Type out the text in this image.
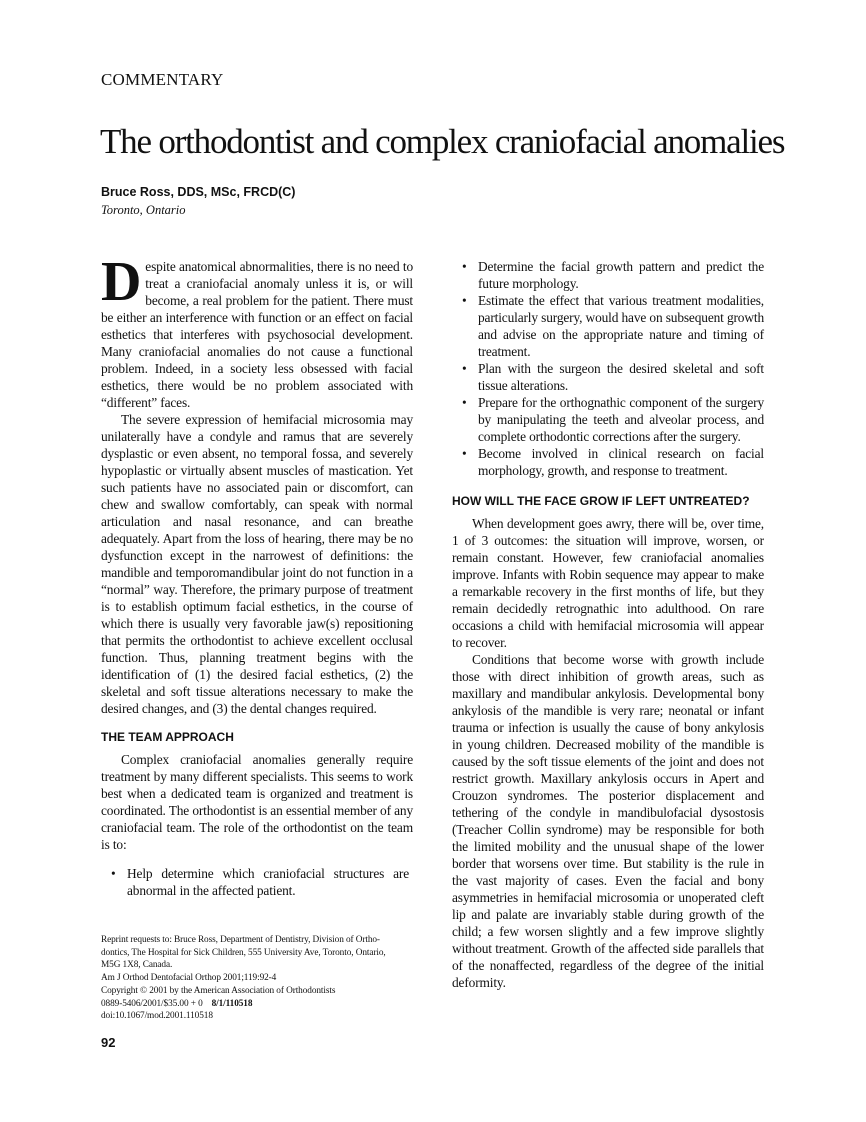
COMMENTARY
The orthodontist and complex craniofacial anomalies
Bruce Ross, DDS, MSc, FRCD(C)
Toronto, Ontario

Despite anatomical abnormalities, there is no need to treat a craniofacial anomaly unless it is, or will become, a real problem for the patient. There must be either an interference with function or an effect on facial esthetics that interferes with psychosocial development. Many craniofacial anomalies do not cause a functional problem. Indeed, in a society less obsessed with facial esthetics, there would be no problem associated with “different” faces.

The severe expression of hemifacial microsomia may unilaterally have a condyle and ramus that are severely dysplastic or even absent, no temporal fossa, and severely hypoplastic or virtually absent muscles of mastication. Yet such patients have no associated pain or discomfort, can chew and swallow comfortably, can speak with normal articulation and nasal resonance, and can breathe adequately. Apart from the loss of hearing, there may be no dysfunction except in the narrowest of definitions: the mandible and temporomandibular joint do not function in a “normal” way. Therefore, the primary purpose of treatment is to establish optimum facial esthetics, in the course of which there is usually very favorable jaw(s) repositioning that permits the orthodontist to achieve excellent occlusal function. Thus, planning treatment begins with the identification of (1) the desired facial esthetics, (2) the skeletal and soft tissue alterations necessary to make the desired changes, and (3) the dental changes required.

THE TEAM APPROACH

Complex craniofacial anomalies generally require treatment by many different specialists. This seems to work best when a dedicated team is organized and treatment is coordinated. The orthodontist is an essential member of any craniofacial team. The role of the orthodontist on the team is to:

• Help determine which craniofacial structures are abnormal in the affected patient.
• Determine the facial growth pattern and predict the future morphology.
• Estimate the effect that various treatment modalities, particularly surgery, would have on subsequent growth and advise on the appropriate nature and timing of treatment.
• Plan with the surgeon the desired skeletal and soft tissue alterations.
• Prepare for the orthognathic component of the surgery by manipulating the teeth and alveolar process, and complete orthodontic corrections after the surgery.
• Become involved in clinical research on facial morphology, growth, and response to treatment.
HOW WILL THE FACE GROW IF LEFT UNTREATED?

When development goes awry, there will be, over time, 1 of 3 outcomes: the situation will improve, worsen, or remain constant. However, few craniofacial anomalies improve. Infants with Robin sequence may appear to make a remarkable recovery in the first months of life, but they remain decidedly retrognathic into adulthood. On rare occasions a child with hemifacial microsomia will appear to recover.

Conditions that become worse with growth include those with direct inhibition of growth areas, such as maxillary and mandibular ankylosis. Developmental bony ankylosis of the mandible is very rare; neonatal or infant trauma or infection is usually the cause of bony ankylosis in young children. Decreased mobility of the mandible is caused by the soft tissue elements of the joint and does not restrict growth. Maxillary ankylosis occurs in Apert and Crouzon syndromes. The posterior displacement and tethering of the condyle in mandibulofacial dysostosis (Treacher Collin syndrome) may be responsible for both the limited mobility and the unusual shape of the lower border that worsens over time. But stability is the rule in the vast majority of cases. Even the facial and bony asymmetries in hemifacial microsomia or unoperated cleft lip and palate are invariably stable during growth of the child; a few worsen slightly and a few improve slightly without treatment. Growth of the affected side parallels that of the nonaffected, regardless of the degree of the initial deformity.

Reprint requests to: Bruce Ross, Department of Dentistry, Division of Ortho-
dontics, The Hospital for Sick Children, 555 University Ave, Toronto, Ontario,
M5G 1X8, Canada.
Am J Orthod Dentofacial Orthop 2001;119:92-4
Copyright © 2001 by the American Association of Orthodontists
0889-5406/2001/$35.00 + 0 8/1/110518
doi:10.1067/mod.2001.110518
92
